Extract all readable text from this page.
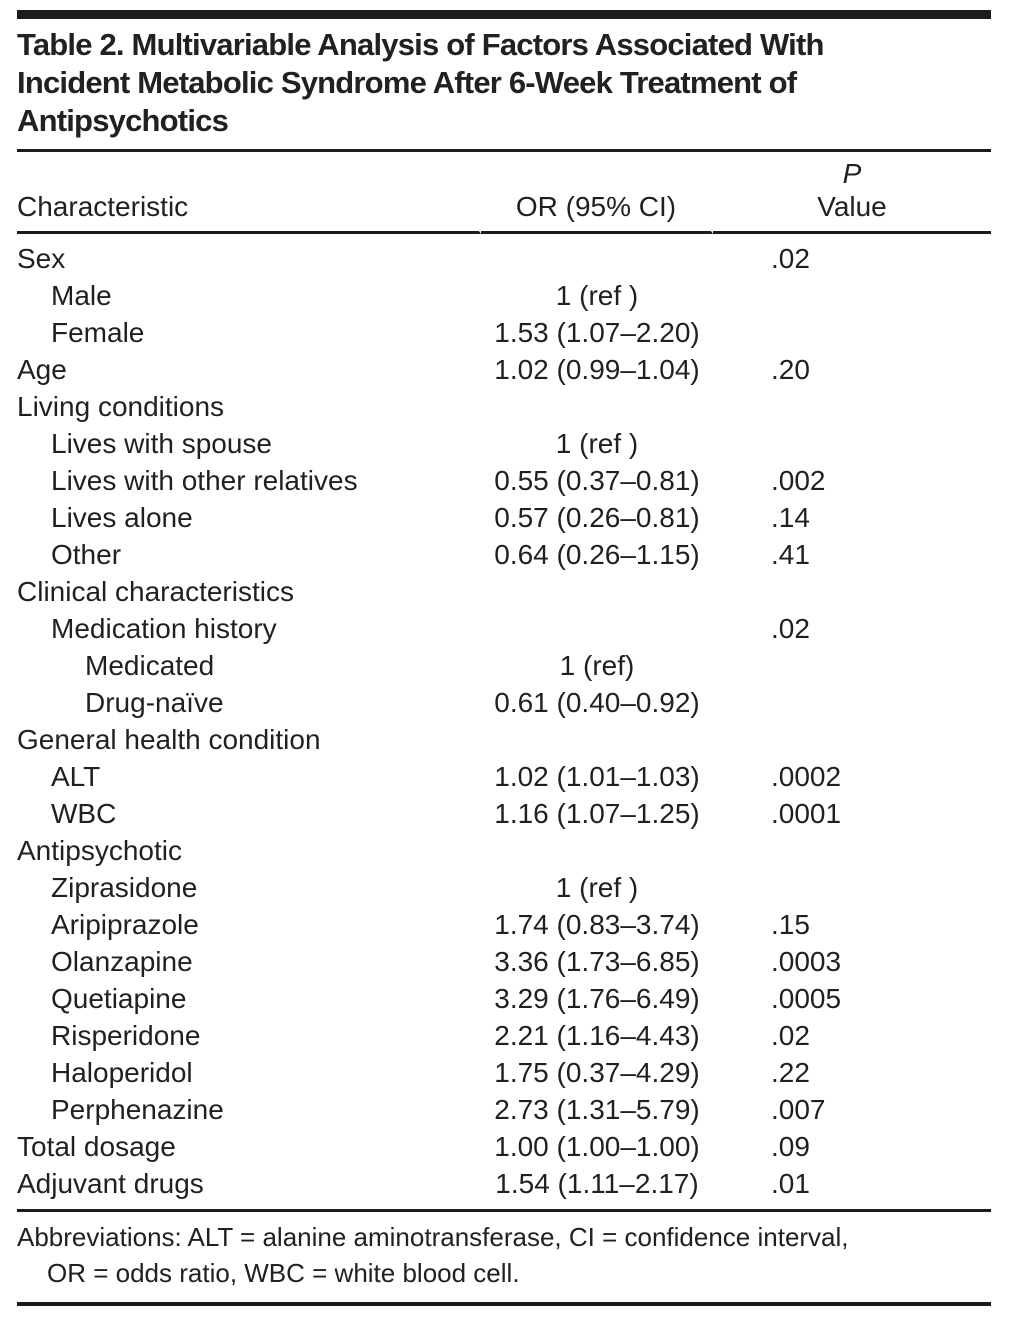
Table 2. Multivariable Analysis of Factors Associated With
Incident Metabolic Syndrome After 6-Week Treatment of
Antipsychotics
Characteristic	OR (95% CI)	P
Value

Sex		.02
Male	1 (ref )	
Female	1.53 (1.07–2.20)	
Age	1.02 (0.99–1.04)	.20
Living conditions		
Lives with spouse	1 (ref )	
Lives with other relatives	0.55 (0.37–0.81)	.002
Lives alone	0.57 (0.26–0.81)	.14
Other	0.64 (0.26–1.15)	.41
Clinical characteristics		
Medication history		.02
Medicated	1 (ref)	
Drug-naïve	0.61 (0.40–0.92)	
General health condition		
ALT	1.02 (1.01–1.03)	.0002
WBC	1.16 (1.07–1.25)	.0001
Antipsychotic		
Ziprasidone	1 (ref )	
Aripiprazole	1.74 (0.83–3.74)	.15
Olanzapine	3.36 (1.73–6.85)	.0003
Quetiapine	3.29 (1.76–6.49)	.0005
Risperidone	2.21 (1.16–4.43)	.02
Haloperidol	1.75 (0.37–4.29)	.22
Perphenazine	2.73 (1.31–5.79)	.007
Total dosage	1.00 (1.00–1.00)	.09
Adjuvant drugs	1.54 (1.11–2.17)	.01
Abbreviations: ALT = alanine aminotransferase, CI = confidence interval,
OR = odds ratio, WBC = white blood cell.
